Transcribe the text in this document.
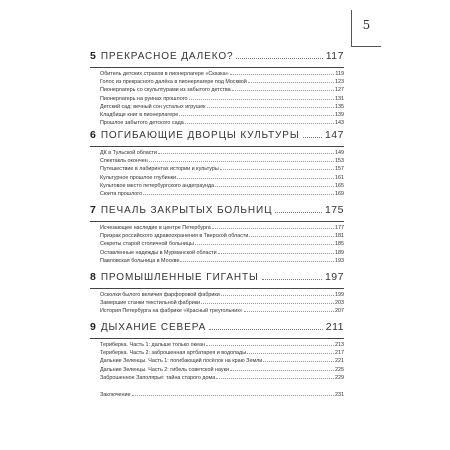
5
5 ПРЕКРАСНОЕ ДАЛЕКО?	117
Обитель детских страхов в пионерлагере «Сказка»	119
Голос из прекрасного далёка в пионерлагере под Москвой	123
Пионерлагерь со скульптурами из забытого детства	127
Пионерлагерь на руинах прошлого	131
Детский сад: вечный сон усталых игрушек	135
Кладбище книг в пионерлагере	139
Прошлое забытого детского сада	143
6 ПОГИБАЮЩИЕ ДВОРЦЫ КУЛЬТУРЫ 147
ДК в Тульской области	149
Спектакль окончен	153
Путешествие в лабиринтах истории и культуры	157
Культурное прошлое глубинки	161
Культовое место петербургского андеграунда	165
Сюита прошлого	169
7 ПЕЧАЛЬ ЗАКРЫТЫХ БОЛЬНИЦ	175
Исчезающее наследие в центре Петербурга	177
Призрак российского здравоохранения в Тверской области	181
Секреты старой столичной больницы	185
Оставленные надежды в Мурманской области	189
Павловская больница в Москве	193
8 ПРОМЫШЛЕННЫЕ ГИГАНТЫ	197
Осколки былого величия фарфоровой фабрики	199
Замершие станки текстильной фабрики	203
История Петербурга на фабрике «Красный треугольник»	207
9 ДЫХАНИЕ СЕВЕРА	211
Териберка. Часть 1: дальше только океан	213
Териберка. Часть 2: заброшенная артбатарея и водопады	217
Дальние Зеленцы. Часть 1: погибающий посёлок на краю Земли	221
Дальние Зеленцы. Часть 2: гибель советской науки	225
Заброшенное Заполярье: тайна старого дома	229
Заключение	231
